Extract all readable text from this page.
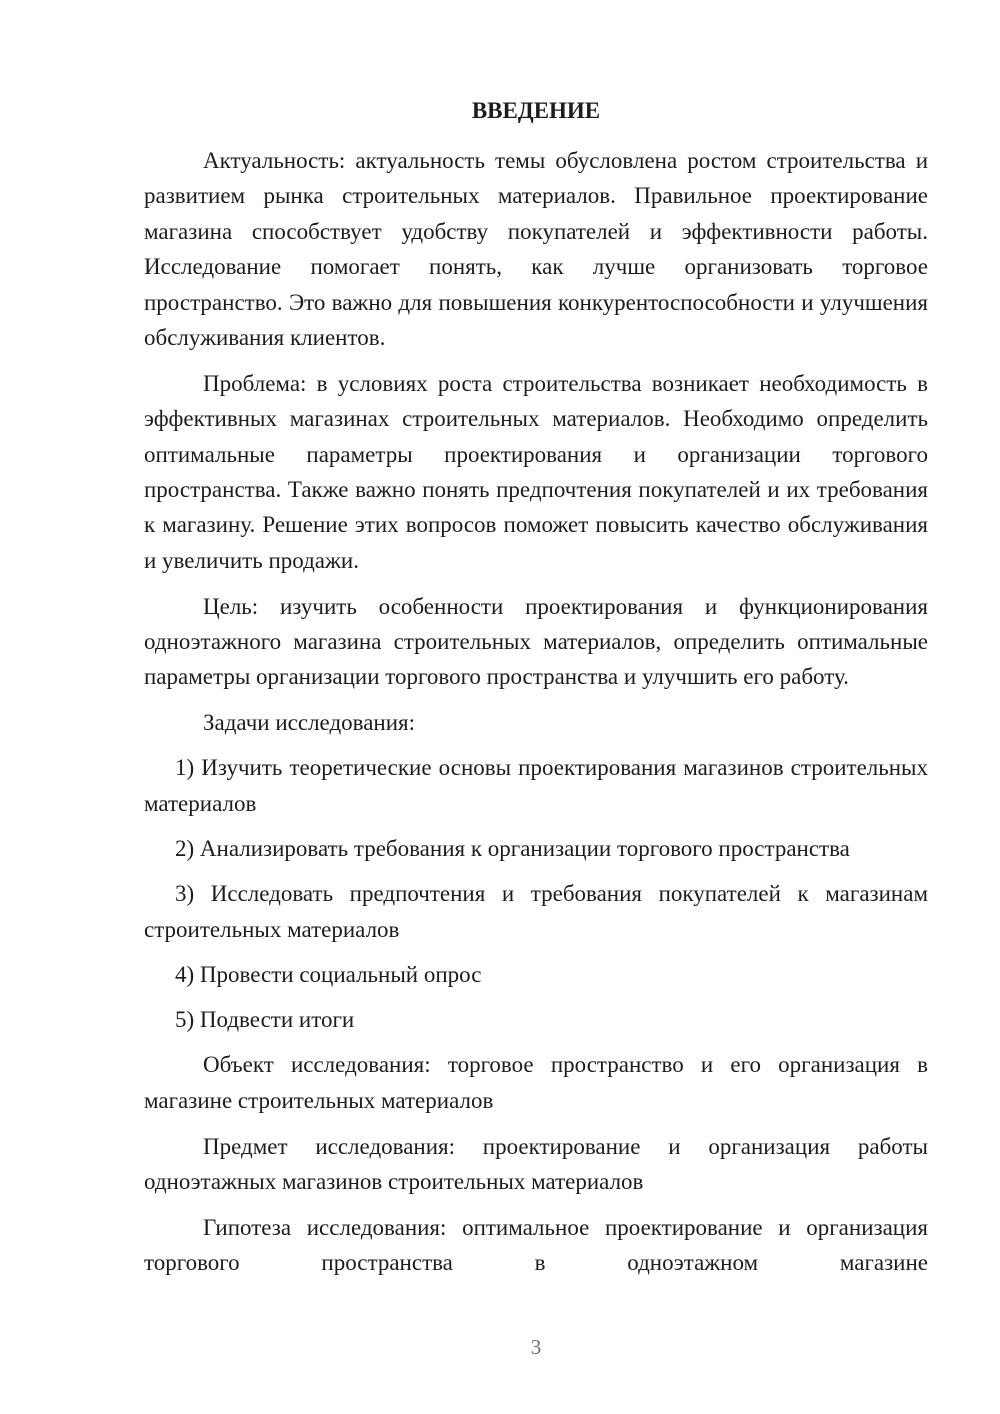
ВВЕДЕНИЕ

Актуальность: актуальность темы обусловлена ростом строительства и развитием рынка строительных материалов. Правильное проектирование магазина способствует удобству покупателей и эффективности работы. Исследование помогает понять, как лучше организовать торговое пространство. Это важно для повышения конкурентоспособности и улучшения обслуживания клиентов.

Проблема: в условиях роста строительства возникает необходимость в эффективных магазинах строительных материалов. Необходимо определить оптимальные параметры проектирования и организации торгового пространства. Также важно понять предпочтения покупателей и их требования к магазину. Решение этих вопросов поможет повысить качество обслуживания и увеличить продажи.

Цель: изучить особенности проектирования и функционирования одноэтажного магазина строительных материалов, определить оптимальные параметры организации торгового пространства и улучшить его работу.

Задачи исследования:

1) Изучить теоретические основы проектирования магазинов строительных материалов

2) Анализировать требования к организации торгового пространства

3) Исследовать предпочтения и требования покупателей к магазинам строительных материалов

4) Провести социальный опрос

5) Подвести итоги

Объект исследования: торговое пространство и его организация в магазине строительных материалов

Предмет исследования: проектирование и организация работы одноэтажных магазинов строительных материалов

Гипотеза исследования: оптимальное проектирование и организация торгового пространства в одноэтажном магазине

3
